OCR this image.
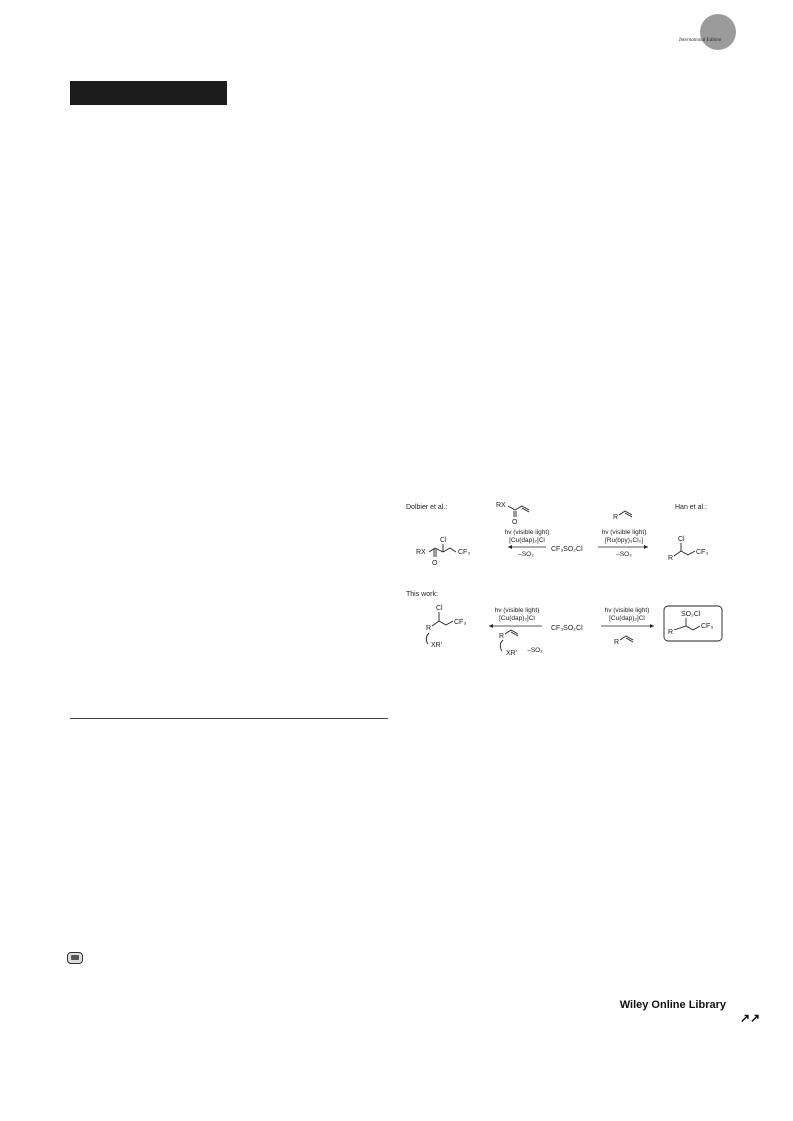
International Edition
Dolbier et al.:	Han et al.:
RX
O
R
hv (visible light)
[Cu(dap)₂]Cl
–SO₂
CF₃SO₂Cl
hv (visible light)
[Ru(bpy)₃Cl₂]
–SO₂
RX
Cl
O
CF₃
R
Cl
CF₃
This work:
hv (visible light)
[Cu(dap)₂]Cl
R
XR' –SO₂
CF₃SO₂Cl
hv (visible light)
[Cu(dap)₂]Cl
R
R
Cl
CF₃
XR'
SO₂Cl
R
CF₃
Wiley Online Library
↗↗
